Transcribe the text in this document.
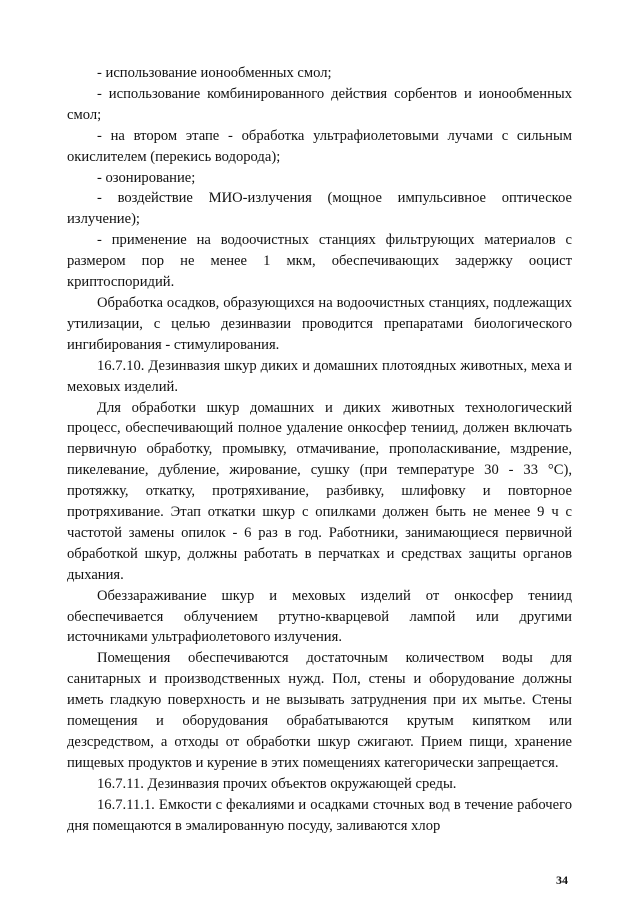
- использование ионообменных смол;

- использование комбинированного действия сорбентов и ионообменных смол;

- на втором этапе - обработка ультрафиолетовыми лучами с сильным окислителем (перекись водорода);

- озонирование;

- воздействие МИО-излучения (мощное импульсивное оптическое излучение);

- применение на водоочистных станциях фильтрующих материалов с размером пор не менее 1 мкм, обеспечивающих задержку ооцист криптоспоридий.

Обработка осадков, образующихся на водоочистных станциях, подлежащих утилизации, с целью дезинвазии проводится препаратами биологического ингибирования - стимулирования.

16.7.10. Дезинвазия шкур диких и домашних плотоядных животных, меха и меховых изделий.

Для обработки шкур домашних и диких животных технологический процесс, обеспечивающий полное удаление онкосфер тениид, должен включать первичную обработку, промывку, отмачивание, прополаскивание, мздрение, пикелевание, дубление, жирование, сушку (при температуре 30 - 33 °С), протяжку, откатку, протряхивание, разбивку, шлифовку и повторное протряхивание. Этап откатки шкур с опилками должен быть не менее 9 ч с частотой замены опилок - 6 раз в год. Работники, занимающиеся первичной обработкой шкур, должны работать в перчатках и средствах защиты органов дыхания.

Обеззараживание шкур и меховых изделий от онкосфер тениид обеспечивается облучением ртутно-кварцевой лампой или другими источниками ультрафиолетового излучения.

Помещения обеспечиваются достаточным количеством воды для санитарных и производственных нужд. Пол, стены и оборудование должны иметь гладкую поверхность и не вызывать затруднения при их мытье. Стены помещения и оборудования обрабатываются крутым кипятком или дезсредством, а отходы от обработки шкур сжигают. Прием пищи, хранение пищевых продуктов и курение в этих помещениях категорически запрещается.

16.7.11. Дезинвазия прочих объектов окружающей среды.

16.7.11.1. Емкости с фекалиями и осадками сточных вод в течение рабочего дня помещаются в эмалированную посуду, заливаются хлор

34
